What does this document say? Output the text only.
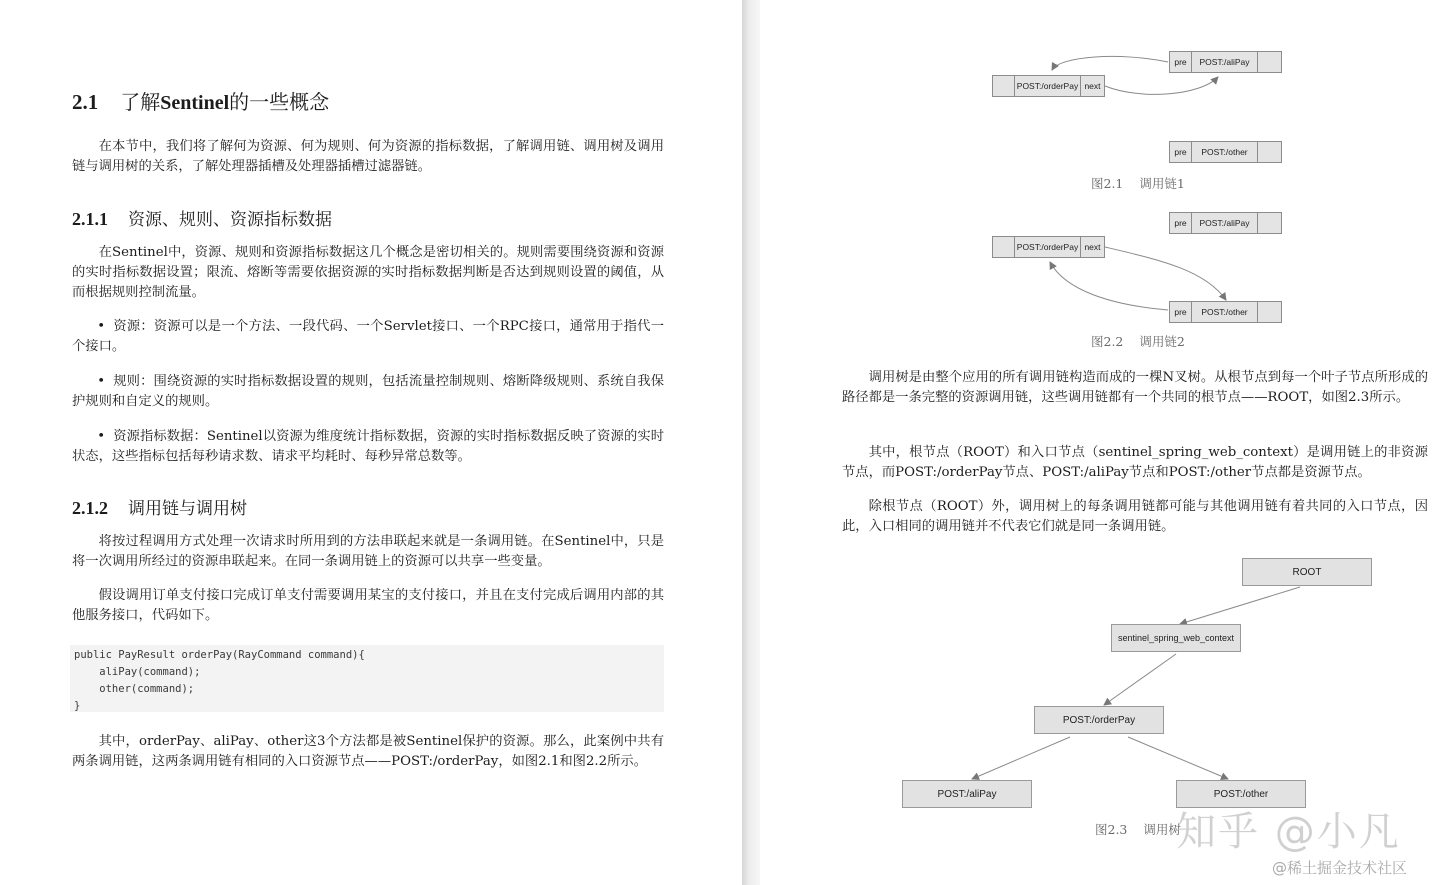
2.1 了解Sentinel的一些概念

在本节中，我们将了解何为资源、何为规则、何为资源的指标数据，了解调用链、调用树及调用链与调用树的关系，了解处理器插槽及处理器插槽过滤器链。

2.1.1 资源、规则、资源指标数据

在Sentinel中，资源、规则和资源指标数据这几个概念是密切相关的。规则需要围绕资源和资源的实时指标数据设置；限流、熔断等需要依据资源的实时指标数据判断是否达到规则设置的阈值，从而根据规则控制流量。

• 资源：资源可以是一个方法、一段代码、一个Servlet接口、一个RPC接口，通常用于指代一个接口。

• 规则：围绕资源的实时指标数据设置的规则，包括流量控制规则、熔断降级规则、系统自我保护规则和自定义的规则。

• 资源指标数据：Sentinel以资源为维度统计指标数据，资源的实时指标数据反映了资源的实时状态，这些指标包括每秒请求数、请求平均耗时、每秒异常总数等。

2.1.2 调用链与调用树

将按过程调用方式处理一次请求时所用到的方法串联起来就是一条调用链。在Sentinel中，只是将一次调用所经过的资源串联起来。在同一条调用链上的资源可以共享一些变量。

假设调用订单支付接口完成订单支付需要调用某宝的支付接口，并且在支付完成后调用内部的其他服务接口，代码如下。

public PayResult orderPay(RayCommand command){
aliPay(command);
other(command);
}

其中，orderPay、aliPay、other这3个方法都是被Sentinel保护的资源。那么，此案例中共有两条调用链，这两条调用链有相同的入口资源节点——POST:/orderPay，如图2.1和图2.2所示。

pre	POST:/aliPay
POST:/orderPay next
pre	POST:/other
图2.1 调用链1
pre	POST:/aliPay
POST:/orderPay next
pre	POST:/other
图2.2 调用链2

调用树是由整个应用的所有调用链构造而成的一棵N叉树。从根节点到每一个叶子节点所形成的路径都是一条完整的资源调用链，这些调用链都有一个共同的根节点——ROOT，如图2.3所示。

其中，根节点（ROOT）和入口节点（sentinel_spring_web_context）是调用链上的非资源节点，而POST:/orderPay节点、POST:/aliPay节点和POST:/other节点都是资源节点。

除根节点（ROOT）外，调用树上的每条调用链都可能与其他调用链有着共同的入口节点，因此，入口相同的调用链并不代表它们就是同一条调用链。

ROOT
sentinel_spring_web_context
POST:/orderPay
POST:/aliPay	POST:/other
图2.3 调用树
知乎 @小凡
@稀土掘金技术社区
